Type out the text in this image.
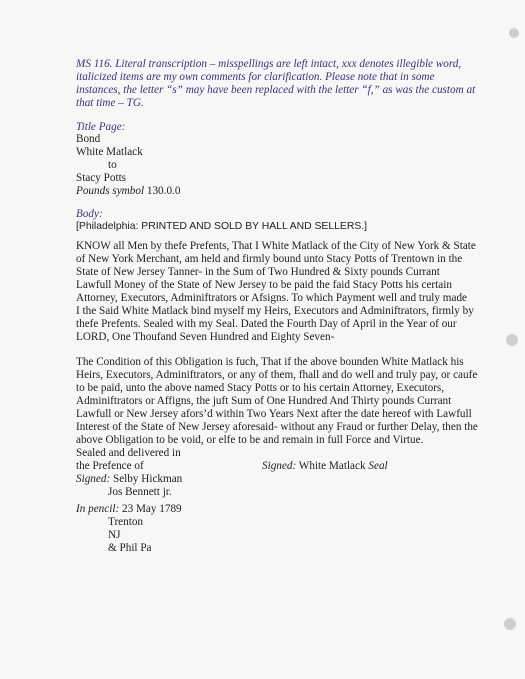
MS 116. Literal transcription – misspellings are left intact, xxx denotes illegible word,
italicized items are my own comments for clarification. Please note that in some
instances, the letter “s” may have been replaced with the letter “f,” as was the custom at
that time – TG.
Title Page:
Bond
White Matlack
to
Stacy Potts
Pounds symbol 130.0.0
Body:
[Philadelphia: PRINTED AND SOLD BY HALL AND SELLERS.]
KNOW all Men by thefe Prefents, That I White Matlack of the City of New York & State
of New York Merchant, am held and firmly bound unto Stacy Potts of Trentown in the
State of New Jersey Tanner- in the Sum of Two Hundred & Sixty pounds Currant
Lawfull Money of the State of New Jersey to be paid the faid Stacy Potts his certain
Attorney, Executors, Adminiftrators or Afsigns. To which Payment well and truly made
I the Said White Matlack bind myself my Heirs, Executors and Adminiftrators, firmly by
thefe Prefents. Sealed with my Seal. Dated the Fourth Day of April in the Year of our
LORD, One Thoufand Seven Hundred and Eighty Seven-
The Condition of this Obligation is fuch, That if the above bounden White Matlack his
Heirs, Executors, Adminiftrators, or any of them, fhall and do well and truly pay, or caufe
to be paid, unto the above named Stacy Potts or to his certain Attorney, Executors,
Adminiftrators or Affigns, the juft Sum of One Hundred And Thirty pounds Currant
Lawfull or New Jersey afors’d within Two Years Next after the date hereof with Lawfull
Interest of the State of New Jersey aforesaid- without any Fraud or further Delay, then the
above Obligation to be void, or elfe to be and remain in full Force and Virtue.
Sealed and delivered in
the Prefence of	Signed: White Matlack Seal
Signed: Selby Hickman
Jos Bennett jr.
In pencil: 23 May 1789
Trenton
NJ
& Phil Pa
